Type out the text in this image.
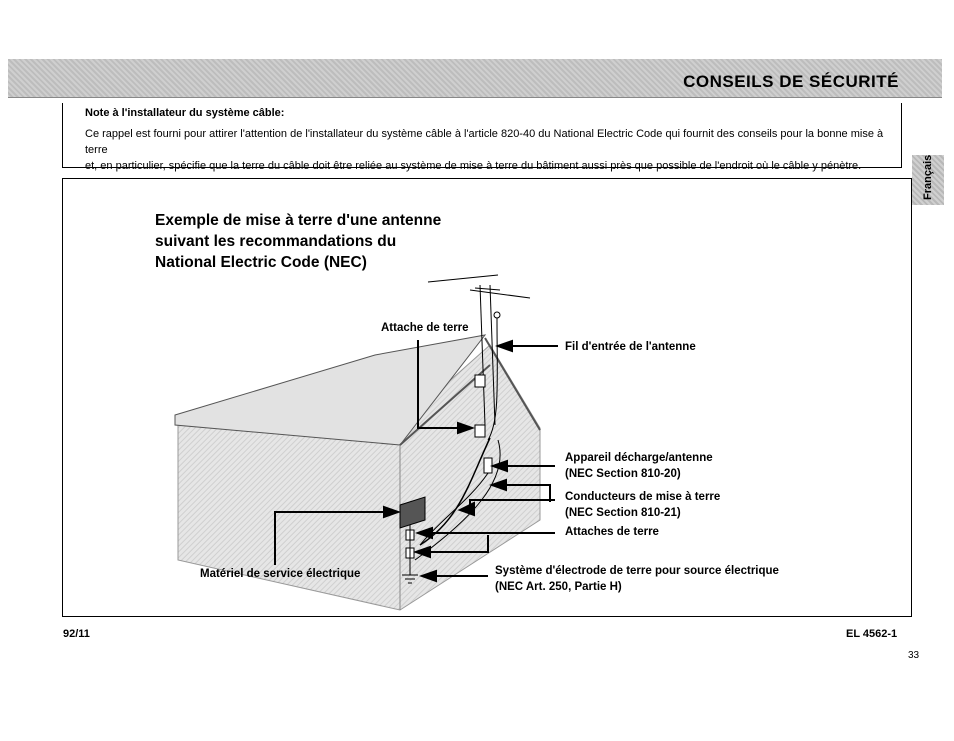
CONSEILS DE SÉCURITÉ
Français
Note à l'installateur du système câble:
Ce rappel est fourni pour attirer l'attention de l'installateur du système câble à l'article 820-40 du National Electric Code qui fournit des conseils pour la bonne mise à terre
et, en particulier, spécifie que la terre du câble doit être reliée au système de mise à terre du bâtiment aussi près que possible de l'endroit où le câble y pénètre.
Exemple de mise à terre d'une antenne
suivant les recommandations du
National Electric Code (NEC)
Attache de terre
Fil d'entrée de l'antenne
Appareil décharge/antenne
(NEC Section 810-20)
Conducteurs de mise à terre
(NEC Section 810-21)
Attaches de terre
Matériel de service électrique	Système d'électrode de terre pour source électrique
(NEC Art. 250, Partie H)
92/11	EL 4562-1
33
